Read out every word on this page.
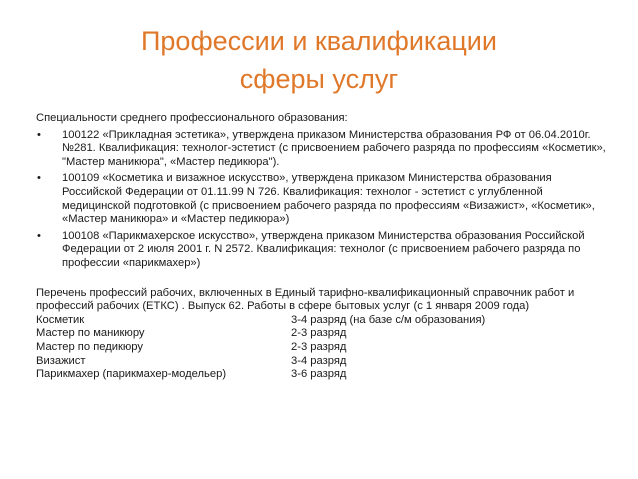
Профессии и квалификации
сферы услуг
Специальности среднего профессионального образования:
• 100122 «Прикладная эстетика», утверждена приказом Министерства образования РФ от 06.04.2010г. №281. Квалификация: технолог-эстетист (с присвоением рабочего разряда по профессиям «Косметик», "Мастер маникюра", «Мастер педикюра").
• 100109 «Косметика и визажное искусство», утверждена приказом Министерства образования Российской Федерации от 01.11.99 N 726. Квалификация: технолог - эстетист с углубленной медицинской подготовкой (с присвоением рабочего разряда по профессиям «Визажист», «Косметик», «Мастер маникюра» и «Мастер педикюра»)
• 100108 «Парикмахерское искусство», утверждена приказом Министерства образования Российской Федерации от 2 июля 2001 г. N 2572. Квалификация: технолог (с присвоением рабочего разряда по профессии «парикмахер»)
Перечень профессий рабочих, включенных в Единый тарифно-квалификационный справочник работ и профессий рабочих (ЕТКС) . Выпуск 62. Работы в сфере бытовых услуг (с 1 января 2009 года)
Косметик	3-4 разряд (на базе с/м образования)
Мастер по маникюру	2-3 разряд
Мастер по педикюру	2-3 разряд
Визажист	3-4 разряд
Парикмахер (парикмахер-модельер)	3-6 разряд
